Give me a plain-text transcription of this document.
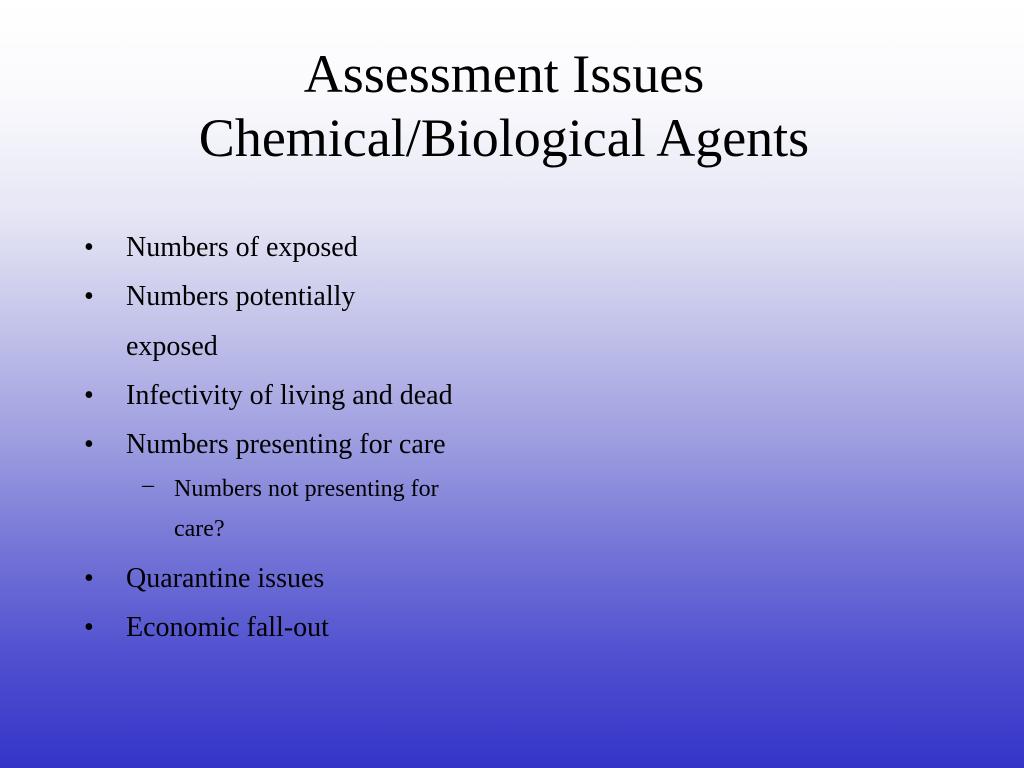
Assessment Issues
Chemical/Biological Agents
• Numbers of exposed
• Numbers potentially exposed
• Infectivity of living and dead
• Numbers presenting for care
– Numbers not presenting for care?
• Quarantine issues
• Economic fall-out
